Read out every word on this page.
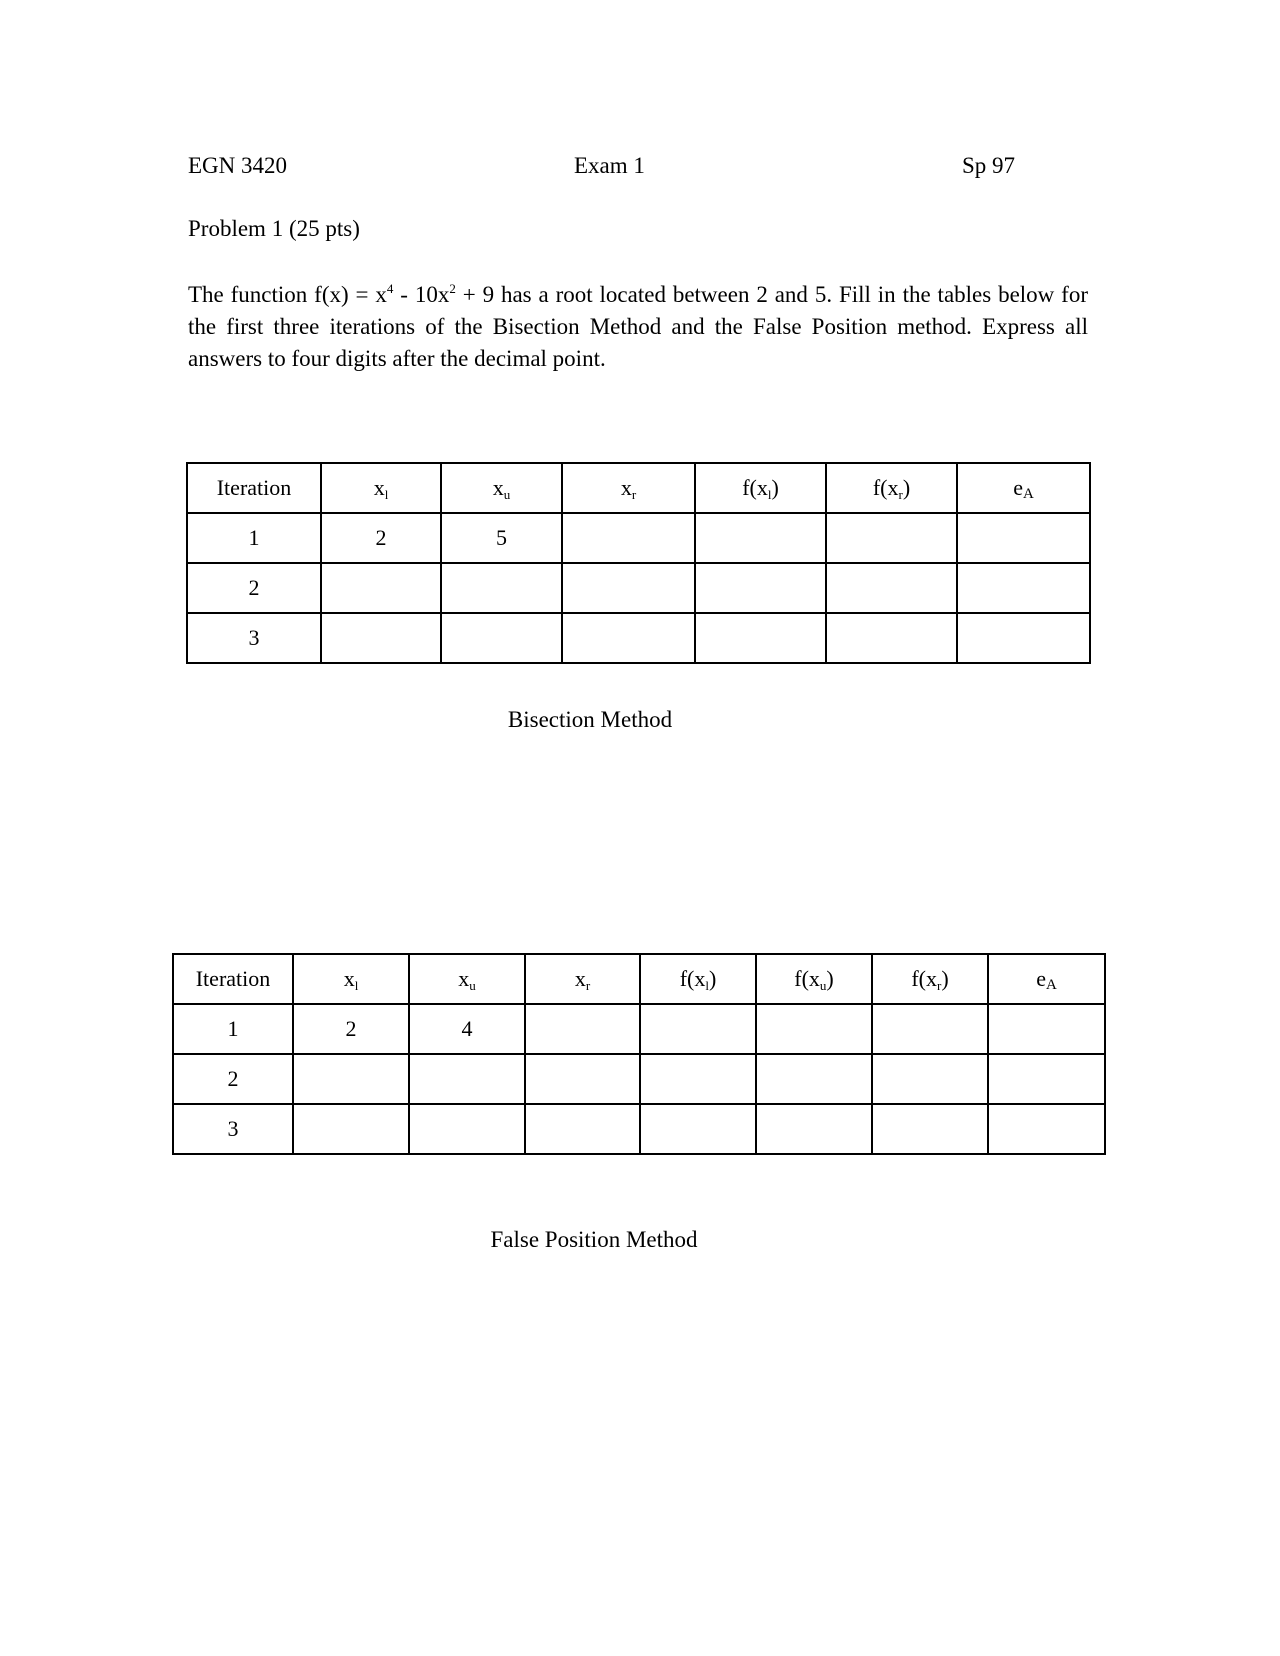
EGN 3420	Exam 1	Sp 97
Problem 1 (25 pts)
The function $f(x) = x^4 - 10x^2 + 9$ has a root located between 2 and 5. Fill in the tables below for the first three iterations of the Bisection Method and the False Position method. Express all answers to four digits after the decimal point.
Iteration	$x_l$	$x_u$	$x_r$	$f(x_l)$	$f(x_r)$	eA
1	2	5				
2						
3						
Bisection Method
Iteration	$x_l$	$x_u$	$x_r$	$f(x_l)$	$f(x_u)$	$f(x_r)$	eA
1	2	4					
2							
3							
False Position Method
